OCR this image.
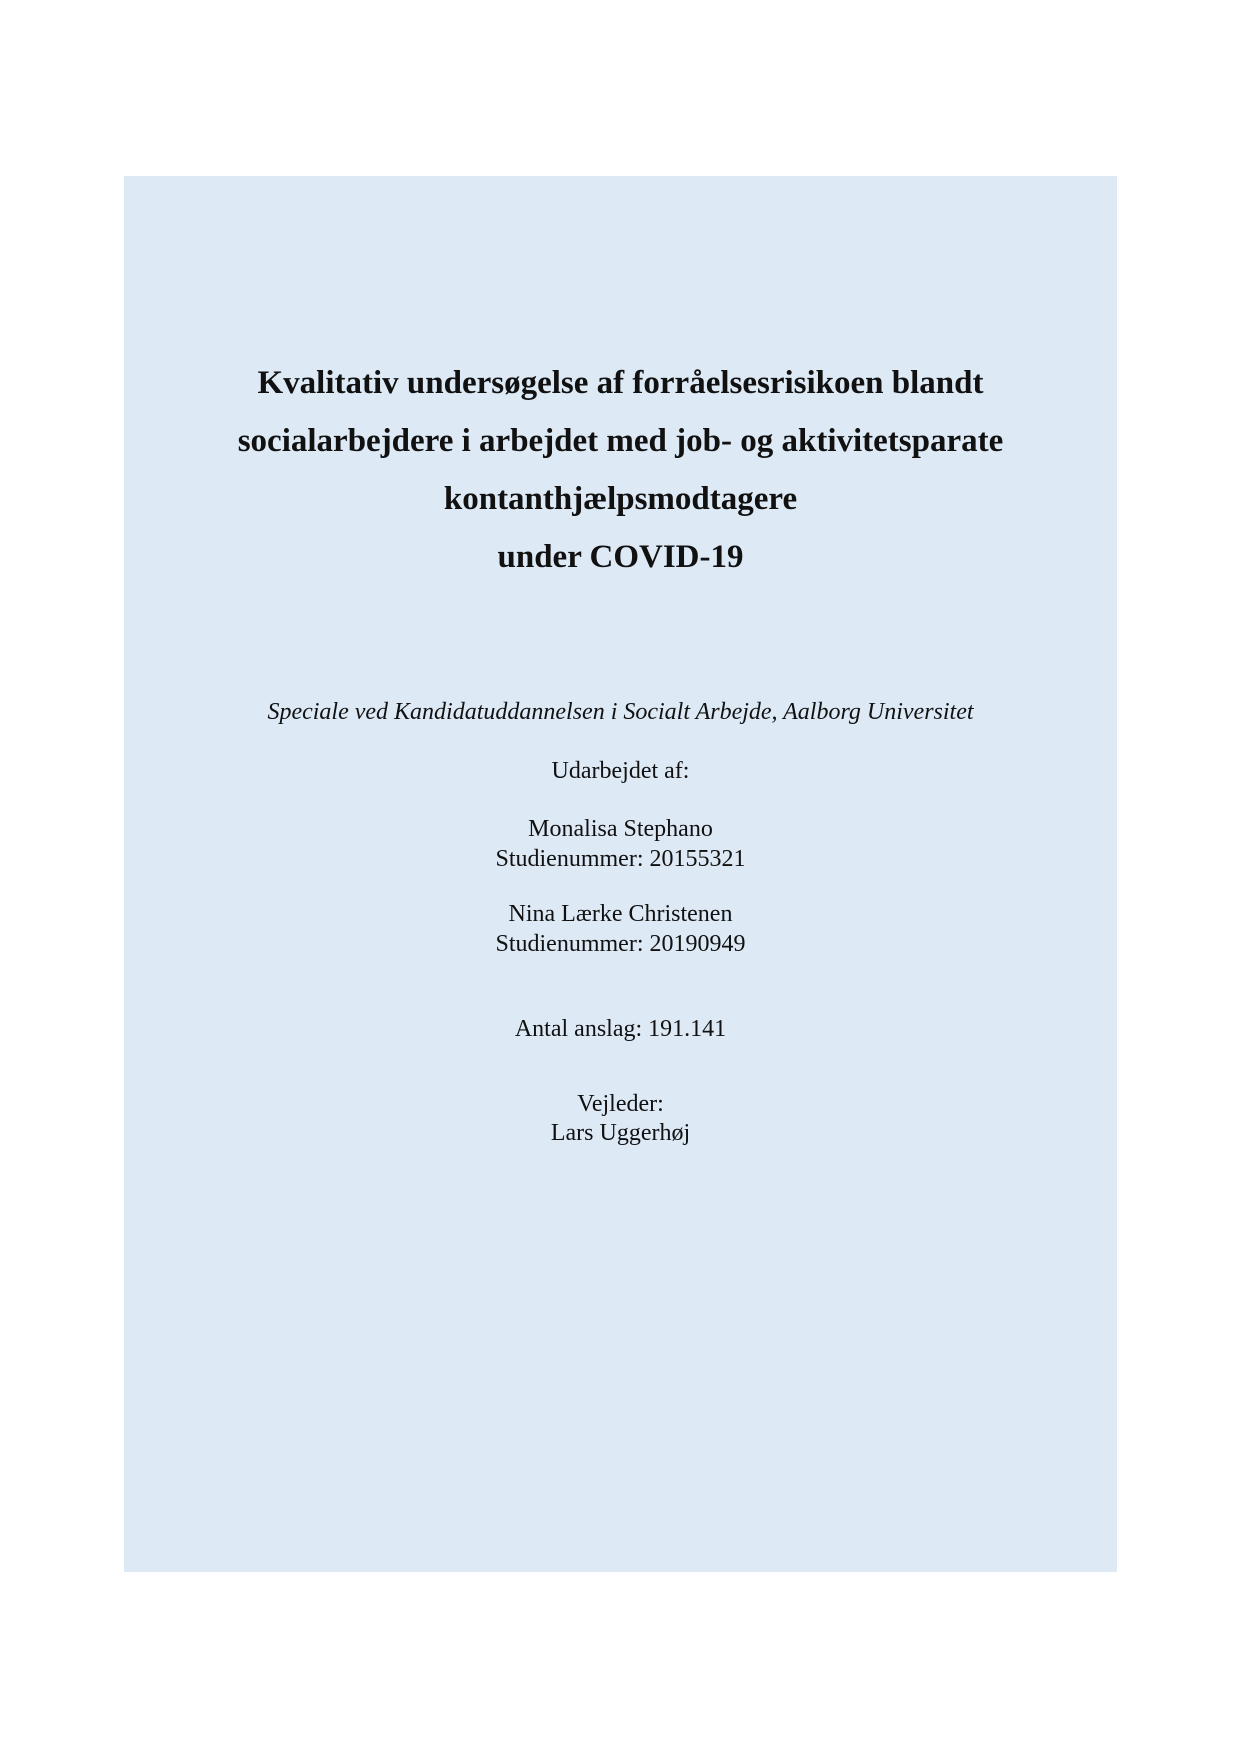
Kvalitativ undersøgelse af forråelsesrisikoen blandt
socialarbejdere i arbejdet med job- og aktivitetsparate
kontanthjælpsmodtagere
under COVID-19
Speciale ved Kandidatuddannelsen i Socialt Arbejde, Aalborg Universitet
Udarbejdet af:
Monalisa Stephano
Studienummer: 20155321
Nina Lærke Christenen
Studienummer: 20190949
Antal anslag: 191.141
Vejleder:
Lars Uggerhøj
